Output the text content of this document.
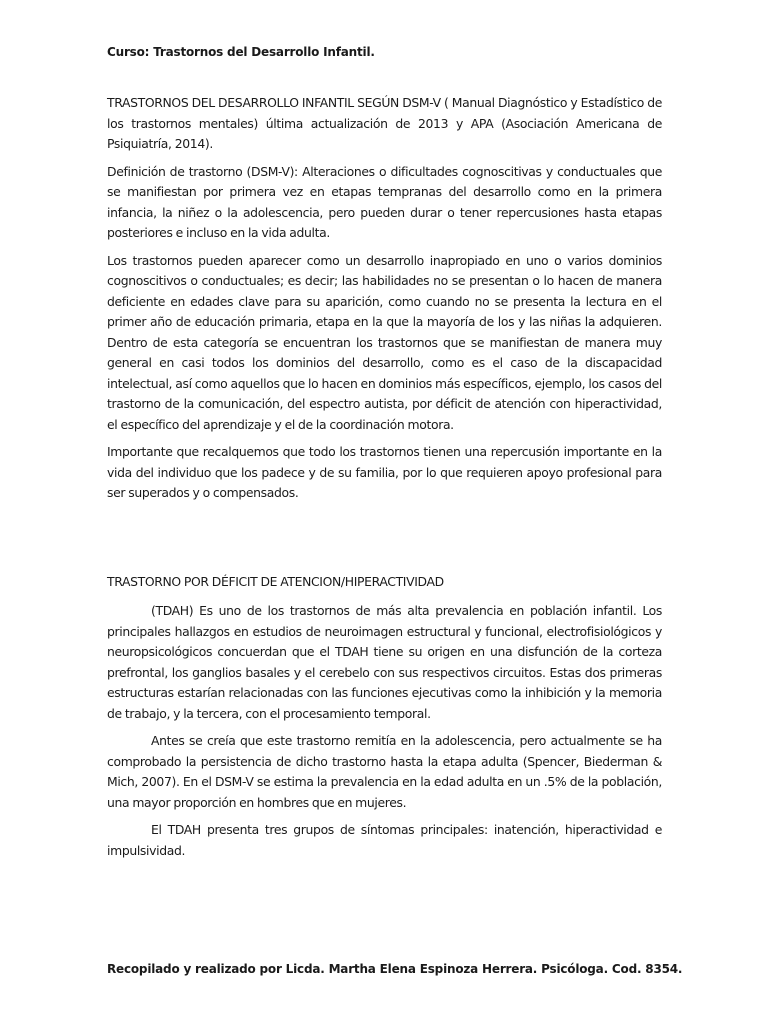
Curso: Trastornos del Desarrollo Infantil.

TRASTORNOS DEL DESARROLLO INFANTIL SEGÚN DSM-V ( Manual Diagnóstico y Estadístico de los trastornos mentales) última actualización de 2013 y APA (Asociación Americana de Psiquiatría, 2014).

Definición de trastorno (DSM-V): Alteraciones o dificultades cognoscitivas y conductuales que se manifiestan por primera vez en etapas tempranas del desarrollo como en la primera infancia, la niñez o la adolescencia, pero pueden durar o tener repercusiones hasta etapas posteriores e incluso en la vida adulta.

Los trastornos pueden aparecer como un desarrollo inapropiado en uno o varios dominios cognoscitivos o conductuales; es decir; las habilidades no se presentan o lo hacen de manera deficiente en edades clave para su aparición, como cuando no se presenta la lectura en el primer año de educación primaria, etapa en la que la mayoría de los y las niñas la adquieren. Dentro de esta categoría se encuentran los trastornos que se manifiestan de manera muy general en casi todos los dominios del desarrollo, como es el caso de la discapacidad intelectual, así como aquellos que lo hacen en dominios más específicos, ejemplo, los casos del trastorno de la comunicación, del espectro autista, por déficit de atención con hiperactividad, el específico del aprendizaje y el de la coordinación motora.

Importante que recalquemos que todo los trastornos tienen una repercusión importante en la vida del individuo que los padece y de su familia, por lo que requieren apoyo profesional para ser superados y o compensados.

TRASTORNO POR DÉFICIT DE ATENCION/HIPERACTIVIDAD

(TDAH) Es uno de los trastornos de más alta prevalencia en población infantil. Los principales hallazgos en estudios de neuroimagen estructural y funcional, electrofisiológicos y neuropsicológicos concuerdan que el TDAH tiene su origen en una disfunción de la corteza prefrontal, los ganglios basales y el cerebelo con sus respectivos circuitos. Estas dos primeras estructuras estarían relacionadas con las funciones ejecutivas como la inhibición y la memoria de trabajo, y la tercera, con el procesamiento temporal.

Antes se creía que este trastorno remitía en la adolescencia, pero actualmente se ha comprobado la persistencia de dicho trastorno hasta la etapa adulta (Spencer, Biederman & Mich, 2007). En el DSM-V se estima la prevalencia en la edad adulta en un .5% de la población, una mayor proporción en hombres que en mujeres.

El TDAH presenta tres grupos de síntomas principales: inatención, hiperactividad e impulsividad.

Recopilado y realizado por Licda. Martha Elena Espinoza Herrera. Psicóloga. Cod. 8354.
